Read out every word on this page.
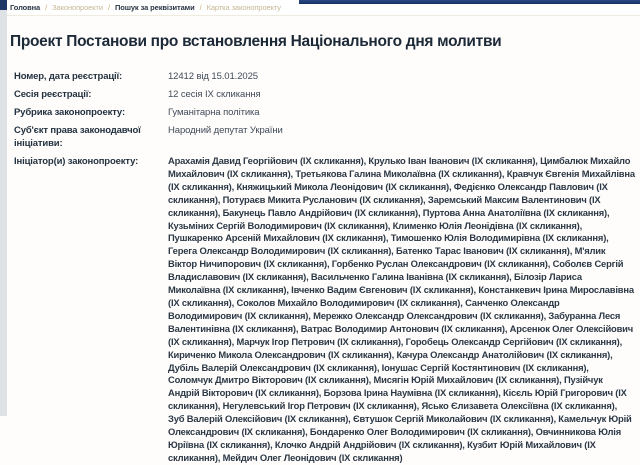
Головна / Законопроекти / Пошук за реквізитами / Картка законопроекту
Проект Постанови про встановлення Національного дня молитви
Номер, дата реєстрації:	12412 від 15.01.2025
Сесія реєстрації:	12 сесія ІХ скликання
Рубрика законопроекту:	Гуманітарна політика
Суб'єкт права законодавчої ініціативи:
Народний депутат України
Ініціатор(и) законопроекту:	Арахамія Давид Георгійович (ІХ скликання), Крулько Іван Іванович (ІХ скликання), Цимбалюк Михайло Михайлович (ІХ скликання), Третьякова Галина Миколаївна (ІХ скликання), Кравчук Євгенія Михайлівна (ІХ скликання), Княжицький Микола Леонідович (ІХ скликання), Федієнко Олександр Павлович (ІХ скликання), Потураєв Микита Русланович (ІХ скликання), Заремський Максим Валентинович (ІХ скликання), Бакунець Павло Андрійович (ІХ скликання), Пуртова Анна Анатоліївна (ІХ скликання), Кузьміних Сергій Володимирович (ІХ скликання), Клименко Юлія Леонідівна (ІХ скликання), Пушкаренко Арсеній Михайлович (ІХ скликання), Тимошенко Юлія Володимирівна (ІХ скликання), Герега Олександр Володимирович (ІХ скликання), Батенко Тарас Іванович (ІХ скликання), М'ялик Віктор Ничипорович (ІХ скликання), Горбенко Руслан Олександрович (ІХ скликання), Соболєв Сергій Владиславович (ІХ скликання), Васильченко Галина Іванівна (ІХ скликання), Білозір Лариса Миколаївна (ІХ скликання), Івченко Вадим Євгенович (ІХ скликання), Констанкевич Ірина Мирославівна (ІХ скликання), Соколов Михайло Володимирович (ІХ скликання), Санченко Олександр Володимирович (ІХ скликання), Мережко Олександр Олександрович (ІХ скликання), Забуранна Леся Валентинівна (ІХ скликання), Ватрас Володимир Антонович (ІХ скликання), Арсенюк Олег Олексійович (ІХ скликання), Марчук Ігор Петрович (ІХ скликання), Горобець Олександр Сергійович (ІХ скликання), Кириченко Микола Олександрович (ІХ скликання), Качура Олександр Анатолійович (ІХ скликання), Дубіль Валерій Олександрович (ІХ скликання), Іонушас Сергій Костянтинович (ІХ скликання), Соломчук Дмитро Вікторович (ІХ скликання), Мисягін Юрій Михайлович (ІХ скликання), Пузійчук Андрій Вікторович (ІХ скликання), Борзова Ірина Наумівна (ІХ скликання), Кісєль Юрій Григорович (ІХ скликання), Негулевський Ігор Петрович (ІХ скликання), Ясько Єлизавета Олексіївна (ІХ скликання), Зуб Валерій Олексійович (ІХ скликання), Євтушок Сергій Миколайович (ІХ скликання), Камельчук Юрій Олександрович (ІХ скликання), Бондаренко Олег Володимирович (ІХ скликання), Овчинникова Юлія Юріївна (ІХ скликання), Клочко Андрій Андрійович (ІХ скликання), Кузбит Юрій Михайлович (ІХ скликання), Мейдич Олег Леонідович (ІХ скликання)
